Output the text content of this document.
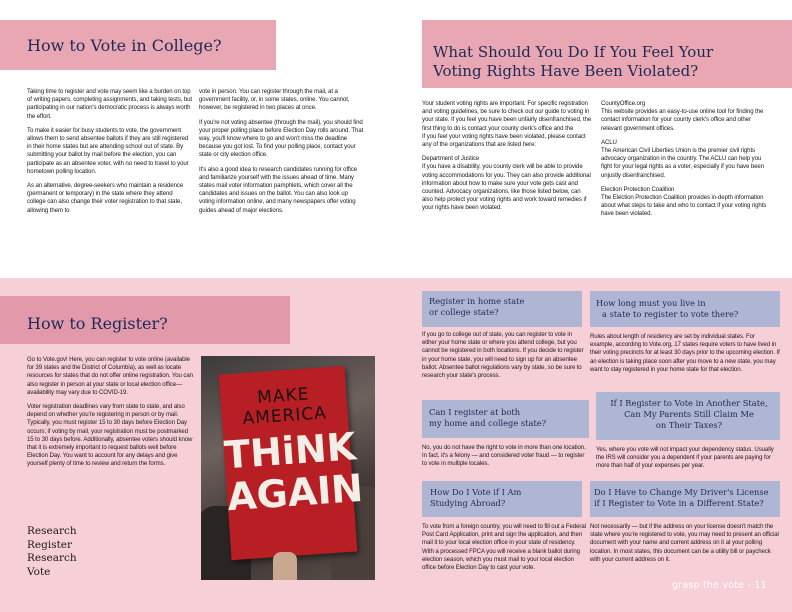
How to Vote in College?

Taking time to register and vote may seem like a burden on top of writing papers, completing assignments, and taking tests, but participating in our nation's democratic process is always worth the effort.

To make it easier for busy students to vote, the government allows them to send absentee ballots if they are still registered in their home states but are attending school out of state. By submitting your ballot by mail before the election, you can participate as an absentee voter, with no need to travel to your hometown polling location.

As an alternative, degree-seekers who maintain a residence (permanent or temporary) in the state where they attend college can also change their voter registration to that state, allowing them to

vote in person. You can register through the mail, at a government facility, or, in some states, online. You cannot, however, be registered in two places at once.

If you're not voting absentee (through the mail), you should find your proper polling place before Election Day rolls around. That way, you'll know where to go and won't miss the deadline because you got lost. To find your polling place, contact your state or city election office.

It's also a good idea to research candidates running for office and familiarize yourself with the issues ahead of time. Many states mail voter information pamphlets, which cover all the candidates and issues on the ballot. You can also look up voting information online, and many newspapers offer voting guides ahead of major elections.

What Should You Do If You Feel Your
Voting Rights Have Been Violated?

Your student voting rights are important. For specific registration and voting guidelines, be sure to check out our guide to voting in your state. If you feel you have been unfairly disenfranchised, the first thing to do is contact your county clerk's office and the
If you feel your voting rights have been violated, please contact any of the organizations that are listed here:

Department of Justice
If you have a disability, you county clerk will be able to provide voting accommodations for you. They can also provide additional information about how to make sure your vote gets cast and counted. Advocacy organizations, like those listed below, can also help protect your voting rights and work toward remedies if your rights have been violated.

CountyOffice.org
This website provides an easy-to-use online tool for finding the contact information for your county clerk's office and other relevant government offices.

ACLU
The American Civil Liberties Union is the premier civil rights advocacy organization in the country. The ACLU can help you fight for your legal rights as a voter, especially if you have been unjustly disenfranchised.

Election Protection Coalition
The Election Protection Coalition provides in-depth information about what steps to take and who to contact if your voting rights have been violated.

How to Register?

Go to Vote.gov! Here, you can register to vote online (available for 39 states and the District of Columbia), as well as locate resources for states that do not offer online registration. You can also register in person at your state or local election office—availability may vary due to COVID-19.

Voter registration deadlines vary from state to state, and also depend on whether you're registering in person or by mail. Typically, you must register 15 to 30 days before Election Day occurs; if voting by mail, your registration must be postmarked 15 to 30 days before. Additionally, absentee voters should know that it is extremely important to request ballots well before Election Day. You want to account for any delays and give yourself plenty of time to review and return the forms.

Research
Register
Research
Vote
MAKE
AMERICA
THiNK
AGAIN
Register in home state
or college state?

If you go to college out of state, you can register to vote in either your home state or where you attend college, but you cannot be registered in both locations. If you decide to register in your home state, you will need to sign up for an absentee ballot. Absentee ballot regulations vary by state, so be sure to research your state's process.

How long must you live in
a state to register to vote there?

Rules about length of residency are set by individual states. For example, according to Vote.org, 17 states require voters to have lived in their voting precincts for at least 30 days prior to the upcoming election. If an election is taking place soon after you move to a new state, you may want to stay registered in your home state for that election.

Can I register at both
my home and college state?

No, you do not have the right to vote in more than one location. In fact, it's a felony — and considered voter fraud — to register to vote in multiple locales.

If I Register to Vote in Another State,
Can My Parents Still Claim Me
on Their Taxes?

Yes, where you vote will not impact your dependency status. Usually the IRS will consider you a dependent if your parents are paying for more than half of your expenses per year.

How Do I Vote if I Am
Studying Abroad?

To vote from a foreign country, you will need to fill out a Federal Post Card Application, print and sign the application, and then mail it to your local election office in your state of residency. With a processed FPCA you will receive a blank ballot during election season, which you must mail to your local election office before Election Day to cast your vote.

Do I Have to Change My Driver's License
if I Register to Vote in a Different State?

Not necessarily — but if the address on your license doesn't match the state where you're registered to vote, you may need to present an official document with your name and current address on it at your polling location. In most states, this document can be a utility bill or paycheck with your current address on it.

grasp the vote - 11
